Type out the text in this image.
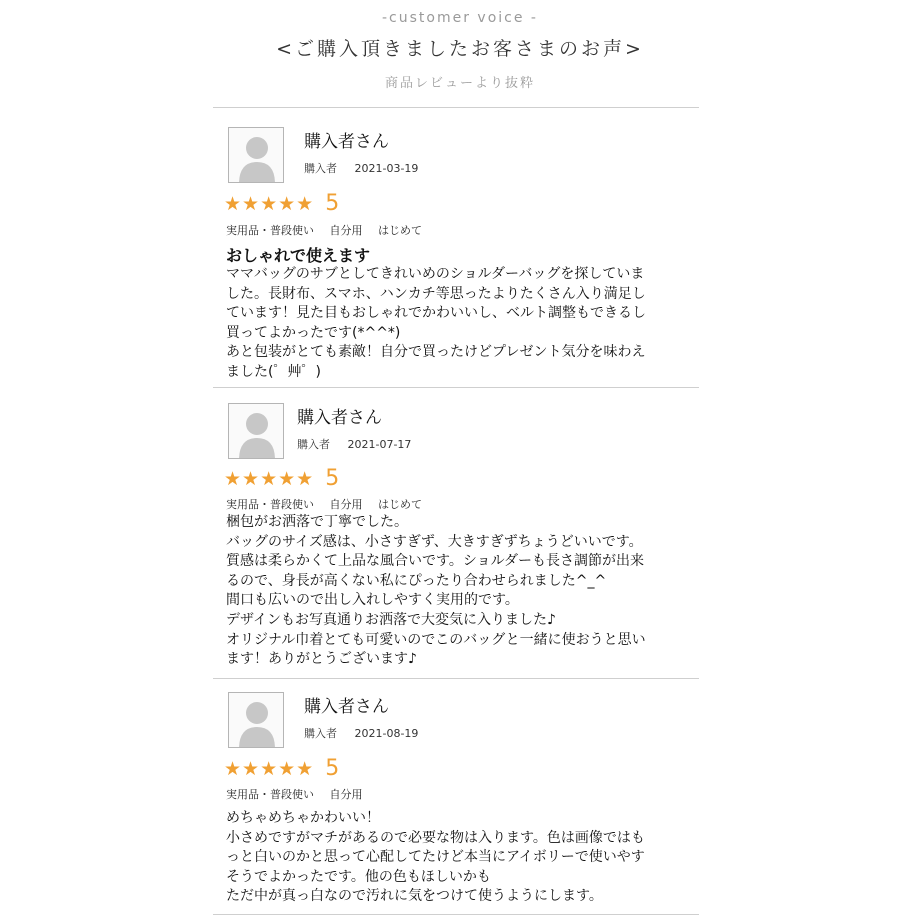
-customer voice -
<ご購入頂きましたお客さまのお声>
商品レビューより抜粋
購入者さん
購入者 2021-03-19
★★★★★ 5
実用品・普段使い 自分用 はじめて
おしゃれで使えます
ママバッグのサブとしてきれいめのショルダーバッグを探していま
した。長財布、スマホ、ハンカチ等思ったよりたくさん入り満足し
ています！見た目もおしゃれでかわいいし、ベルト調整もできるし
買ってよかったです(*^^*)
あと包装がとても素敵！自分で買ったけどプレゼント気分を味わえ
ました(゜艸゜)
購入者さん
購入者 2021-07-17
★★★★★ 5
実用品・普段使い 自分用 はじめて
梱包がお洒落で丁寧でした。
バッグのサイズ感は、小さすぎず、大きすぎずちょうどいいです。
質感は柔らかくて上品な風合いです。ショルダーも長さ調節が出来
るので、身長が高くない私にぴったり合わせられました^_^
間口も広いので出し入れしやすく実用的です。
デザインもお写真通りお洒落で大変気に入りました♪
オリジナル巾着とても可愛いのでこのバッグと一緒に使おうと思い
ます！ありがとうございます♪
購入者さん
購入者 2021-08-19
★★★★★ 5
実用品・普段使い 自分用
めちゃめちゃかわいい！
小さめですがマチがあるので必要な物は入ります。色は画像ではも
っと白いのかと思って心配してたけど本当にアイボリーで使いやす
そうでよかったです。他の色もほしいかも
ただ中が真っ白なので汚れに気をつけて使うようにします。
